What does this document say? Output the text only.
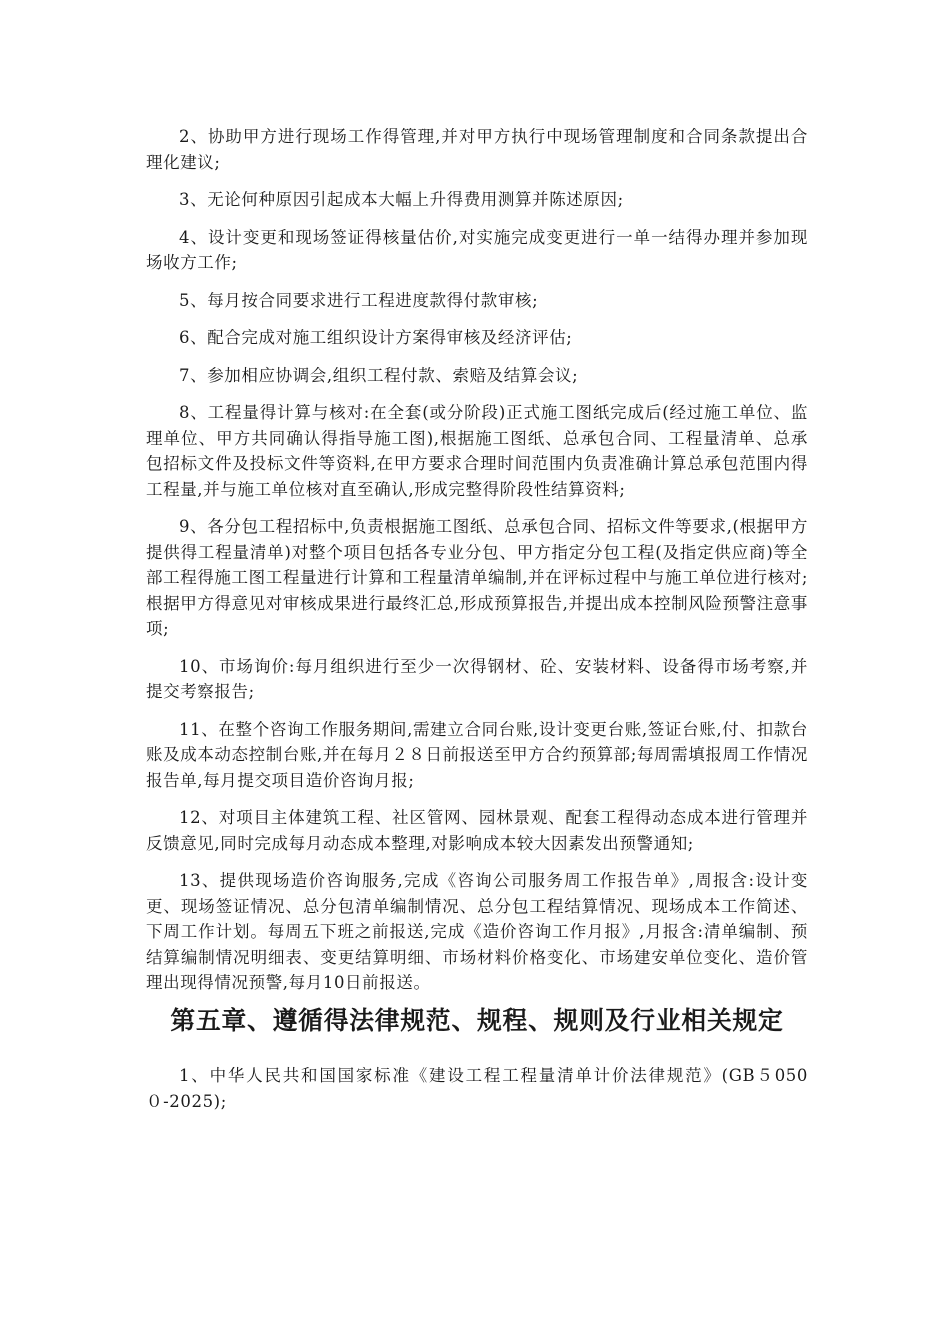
2、协助甲方进行现场工作得管理,并对甲方执行中现场管理制度和合同条款提出合理化建议;

3、无论何种原因引起成本大幅上升得费用测算并陈述原因;

4、设计变更和现场签证得核量估价,对实施完成变更进行一单一结得办理并参加现场收方工作;

5、每月按合同要求进行工程进度款得付款审核;

6、配合完成对施工组织设计方案得审核及经济评估;

7、参加相应协调会,组织工程付款、索赔及结算会议;

8、工程量得计算与核对:在全套(或分阶段)正式施工图纸完成后(经过施工单位、监理单位、甲方共同确认得指导施工图),根据施工图纸、总承包合同、工程量清单、总承包招标文件及投标文件等资料,在甲方要求合理时间范围内负责准确计算总承包范围内得工程量,并与施工单位核对直至确认,形成完整得阶段性结算资料;

9、各分包工程招标中,负责根据施工图纸、总承包合同、招标文件等要求,(根据甲方提供得工程量清单)对整个项目包括各专业分包、甲方指定分包工程(及指定供应商)等全部工程得施工图工程量进行计算和工程量清单编制,并在评标过程中与施工单位进行核对;根据甲方得意见对审核成果进行最终汇总,形成预算报告,并提出成本控制风险预警注意事项;

10、市场询价:每月组织进行至少一次得钢材、砼、安装材料、设备得市场考察,并提交考察报告;

11、在整个咨询工作服务期间,需建立合同台账,设计变更台账,签证台账,付、扣款台账及成本动态控制台账,并在每月２８日前报送至甲方合约预算部;每周需填报周工作情况报告单,每月提交项目造价咨询月报;

12、对项目主体建筑工程、社区管网、园林景观、配套工程得动态成本进行管理并反馈意见,同时完成每月动态成本整理,对影响成本较大因素发出预警通知;

13、提供现场造价咨询服务,完成《咨询公司服务周工作报告单》,周报含:设计变更、现场签证情况、总分包清单编制情况、总分包工程结算情况、现场成本工作简述、下周工作计划。每周五下班之前报送,完成《造价咨询工作月报》,月报含:清单编制、预结算编制情况明细表、变更结算明细、市场材料价格变化、市场建安单位变化、造价管理出现得情况预警,每月10日前报送。

第五章、遵循得法律规范、规程、规则及行业相关规定

1、中华人民共和国国家标准《建设工程工程量清单计价法律规范》(GB５050０-2025);
